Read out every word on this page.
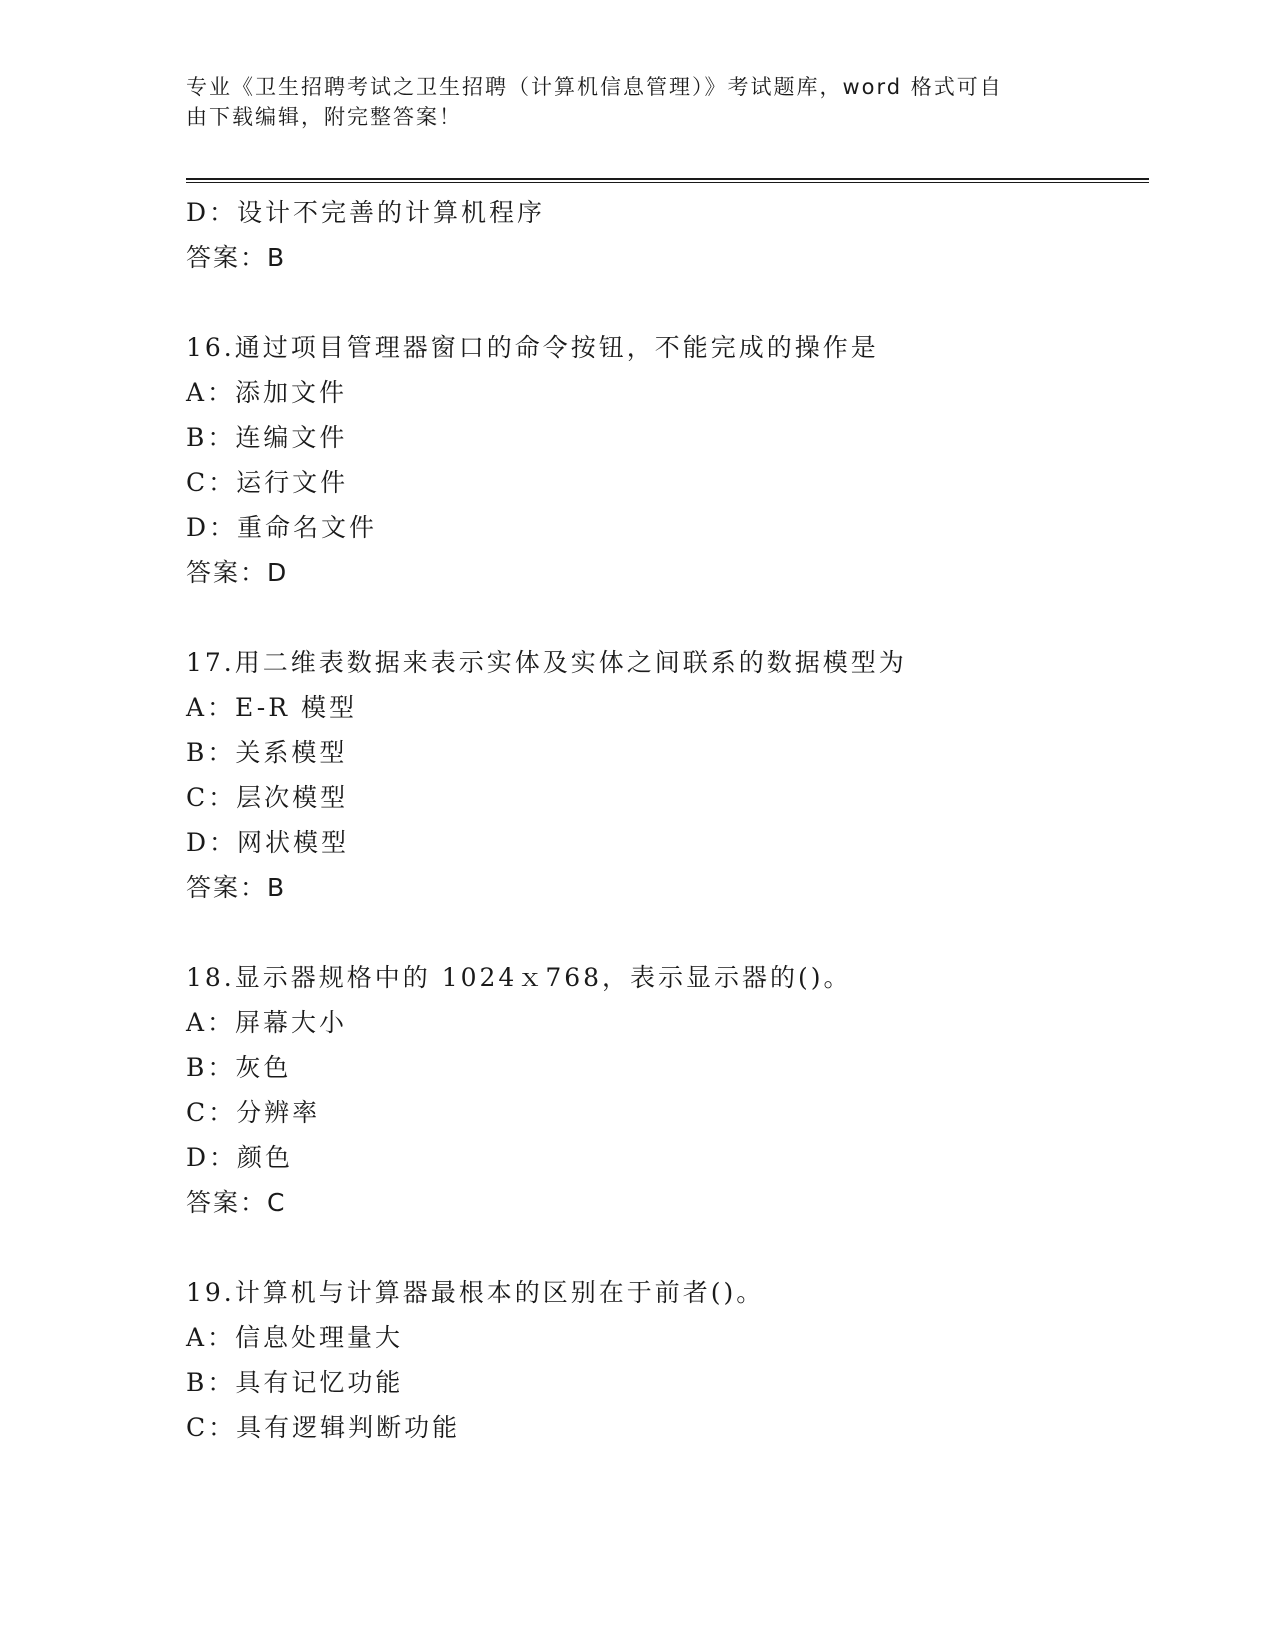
专业《卫生招聘考试之卫生招聘（计算机信息管理）》考试题库，word 格式可自
由下载编辑，附完整答案！
D：设计不完善的计算机程序
答案：B
16.通过项目管理器窗口的命令按钮，不能完成的操作是
A：添加文件
B：连编文件
C：运行文件
D：重命名文件
答案：D
17.用二维表数据来表示实体及实体之间联系的数据模型为
A：E-R 模型
B：关系模型
C：层次模型
D：网状模型
答案：B
18.显示器规格中的 1024ｘ768，表示显示器的()。
A：屏幕大小
B：灰色
C：分辨率
D：颜色
答案：C
19.计算机与计算器最根本的区别在于前者()。
A：信息处理量大
B：具有记忆功能
C：具有逻辑判断功能
